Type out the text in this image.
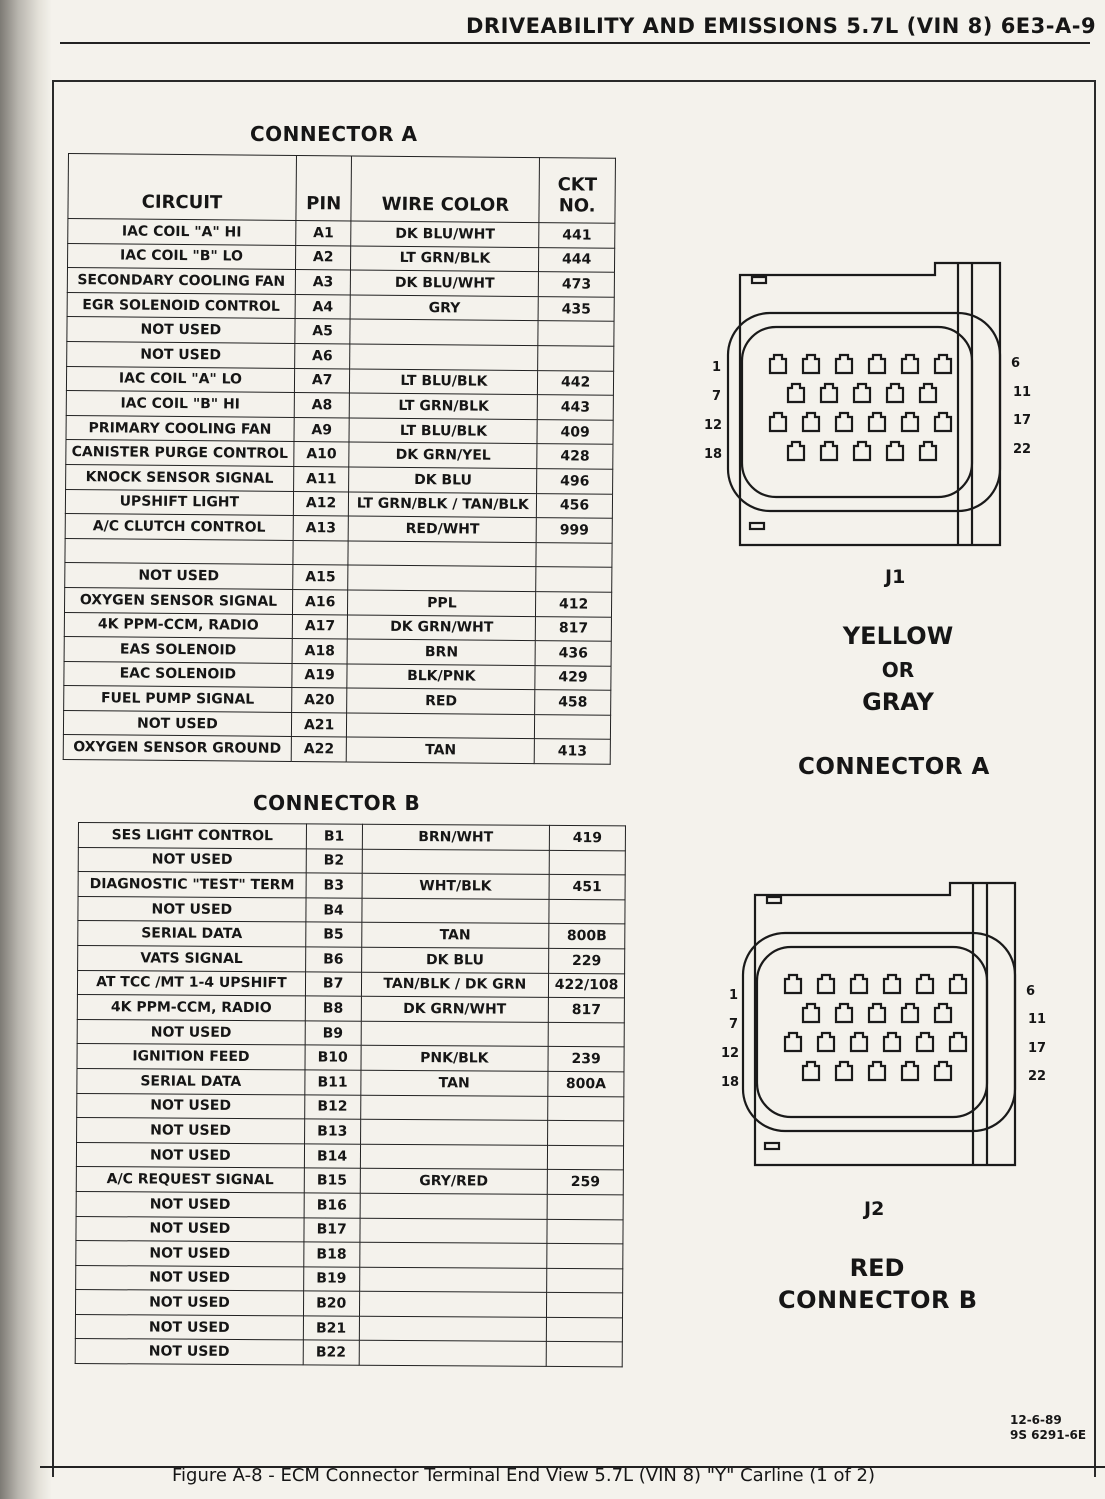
DRIVEABILITY AND EMISSIONS 5.7L (VIN 8) 6E3-A-9
CONNECTOR A
CIRCUIT	PIN	WIRE COLOR	CKT NO.
IAC COIL "A" HI	A1	DK BLU/WHT	441
IAC COIL "B" LO	A2	LT GRN/BLK	444
SECONDARY COOLING FAN	A3	DK BLU/WHT	473
EGR SOLENOID CONTROL	A4	GRY	435
NOT USED	A5		
NOT USED	A6		
IAC COIL "A" LO	A7	LT BLU/BLK	442
IAC COIL "B" HI	A8	LT GRN/BLK	443
PRIMARY COOLING FAN	A9	LT BLU/BLK	409
CANISTER PURGE CONTROL	A10	DK GRN/YEL	428
KNOCK SENSOR SIGNAL	A11	DK BLU	496
UPSHIFT LIGHT	A12	LT GRN/BLK / TAN/BLK	456
A/C CLUTCH CONTROL	A13	RED/WHT	999

NOT USED	A15		
OXYGEN SENSOR SIGNAL	A16	PPL	412
4K PPM-CCM, RADIO	A17	DK GRN/WHT	817
EAS SOLENOID	A18	BRN	436
EAC SOLENOID	A19	BLK/PNK	429
FUEL PUMP SIGNAL	A20	RED	458
NOT USED	A21		
OXYGEN SENSOR GROUND	A22	TAN	413
CONNECTOR B
SES LIGHT CONTROL	B1	BRN/WHT	419
NOT USED	B2		
DIAGNOSTIC "TEST" TERM	B3	WHT/BLK	451
NOT USED	B4		
SERIAL DATA	B5	TAN	800B
VATS SIGNAL	B6	DK BLU	229
AT TCC /MT 1-4 UPSHIFT	B7	TAN/BLK / DK GRN	422/108
4K PPM-CCM, RADIO	B8	DK GRN/WHT	817
NOT USED	B9		
IGNITION FEED	B10	PNK/BLK	239
SERIAL DATA	B11	TAN	800A
NOT USED	B12		
NOT USED	B13		
NOT USED	B14		
A/C REQUEST SIGNAL	B15	GRY/RED	259
NOT USED	B16		
NOT USED	B17		
NOT USED	B18		
NOT USED	B19		
NOT USED	B20		
NOT USED	B21		
NOT USED	B22		
1
7
12
18
6
11
17
22
J1
YELLOW
OR
GRAY
CONNECTOR A
1
7
12
18
6
11
17
22
J2
RED
CONNECTOR B
12-6-89
9S 6291-6E
Figure A-8 - ECM Connector Terminal End View 5.7L (VIN 8) "Y" Carline (1 of 2)
